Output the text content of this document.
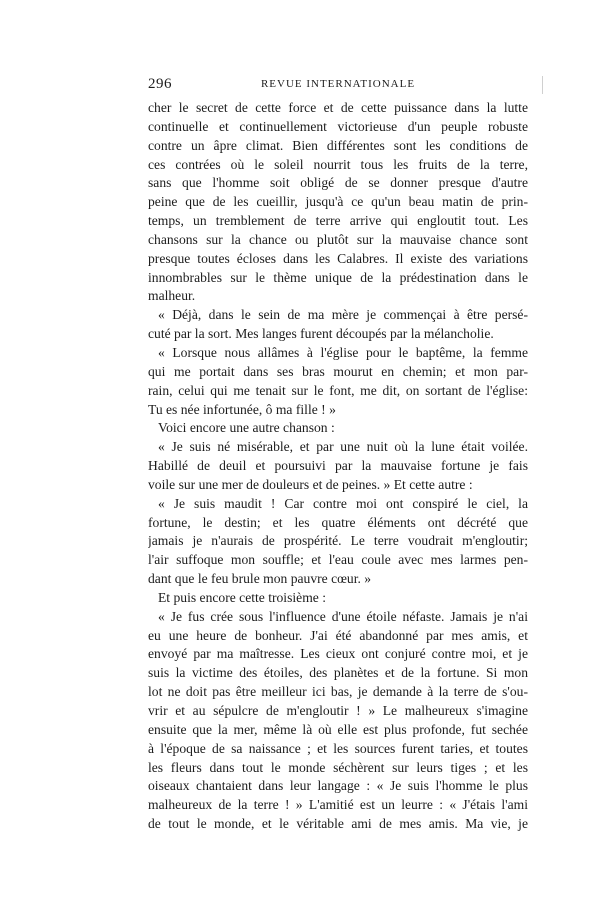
296	REVUE INTERNATIONALE
cher le secret de cette force et de cette puissance dans la lutte
continuelle et continuellement victorieuse d'un peuple robuste
contre un âpre climat. Bien différentes sont les conditions de
ces contrées où le soleil nourrit tous les fruits de la terre,
sans que l'homme soit obligé de se donner presque d'autre
peine que de les cueillir, jusqu'à ce qu'un beau matin de prin-
temps, un tremblement de terre arrive qui engloutit tout. Les
chansons sur la chance ou plutôt sur la mauvaise chance sont
presque toutes écloses dans les Calabres. Il existe des variations
innombrables sur le thème unique de la prédestination dans le
malheur.
« Déjà, dans le sein de ma mère je commençai à être persé-
cuté par la sort. Mes langes furent découpés par la mélancholie.
« Lorsque nous allâmes à l'église pour le baptême, la femme
qui me portait dans ses bras mourut en chemin; et mon par-
rain, celui qui me tenait sur le font, me dit, on sortant de l'église:
Tu es née infortunée, ô ma fille ! »
Voici encore une autre chanson :
« Je suis né misérable, et par une nuit où la lune était voilée.
Habillé de deuil et poursuivi par la mauvaise fortune je fais
voile sur une mer de douleurs et de peines. » Et cette autre :
« Je suis maudit ! Car contre moi ont conspiré le ciel, la
fortune, le destin; et les quatre éléments ont décrété que
jamais je n'aurais de prospérité. Le terre voudrait m'engloutir;
l'air suffoque mon souffle; et l'eau coule avec mes larmes pen-
dant que le feu brule mon pauvre cœur. »
Et puis encore cette troisième :
« Je fus crée sous l'influence d'une étoile néfaste. Jamais je n'ai
eu une heure de bonheur. J'ai été abandonné par mes amis, et
envoyé par ma maîtresse. Les cieux ont conjuré contre moi, et je
suis la victime des étoiles, des planètes et de la fortune. Si mon
lot ne doit pas être meilleur ici bas, je demande à la terre de s'ou-
vrir et au sépulcre de m'engloutir ! » Le malheureux s'imagine
ensuite que la mer, même là où elle est plus profonde, fut sechée
à l'époque de sa naissance ; et les sources furent taries, et toutes
les fleurs dans tout le monde séchèrent sur leurs tiges ; et les
oiseaux chantaient dans leur langage : « Je suis l'homme le plus
malheureux de la terre ! » L'amitié est un leurre : « J'étais l'ami
de tout le monde, et le véritable ami de mes amis. Ma vie, je
